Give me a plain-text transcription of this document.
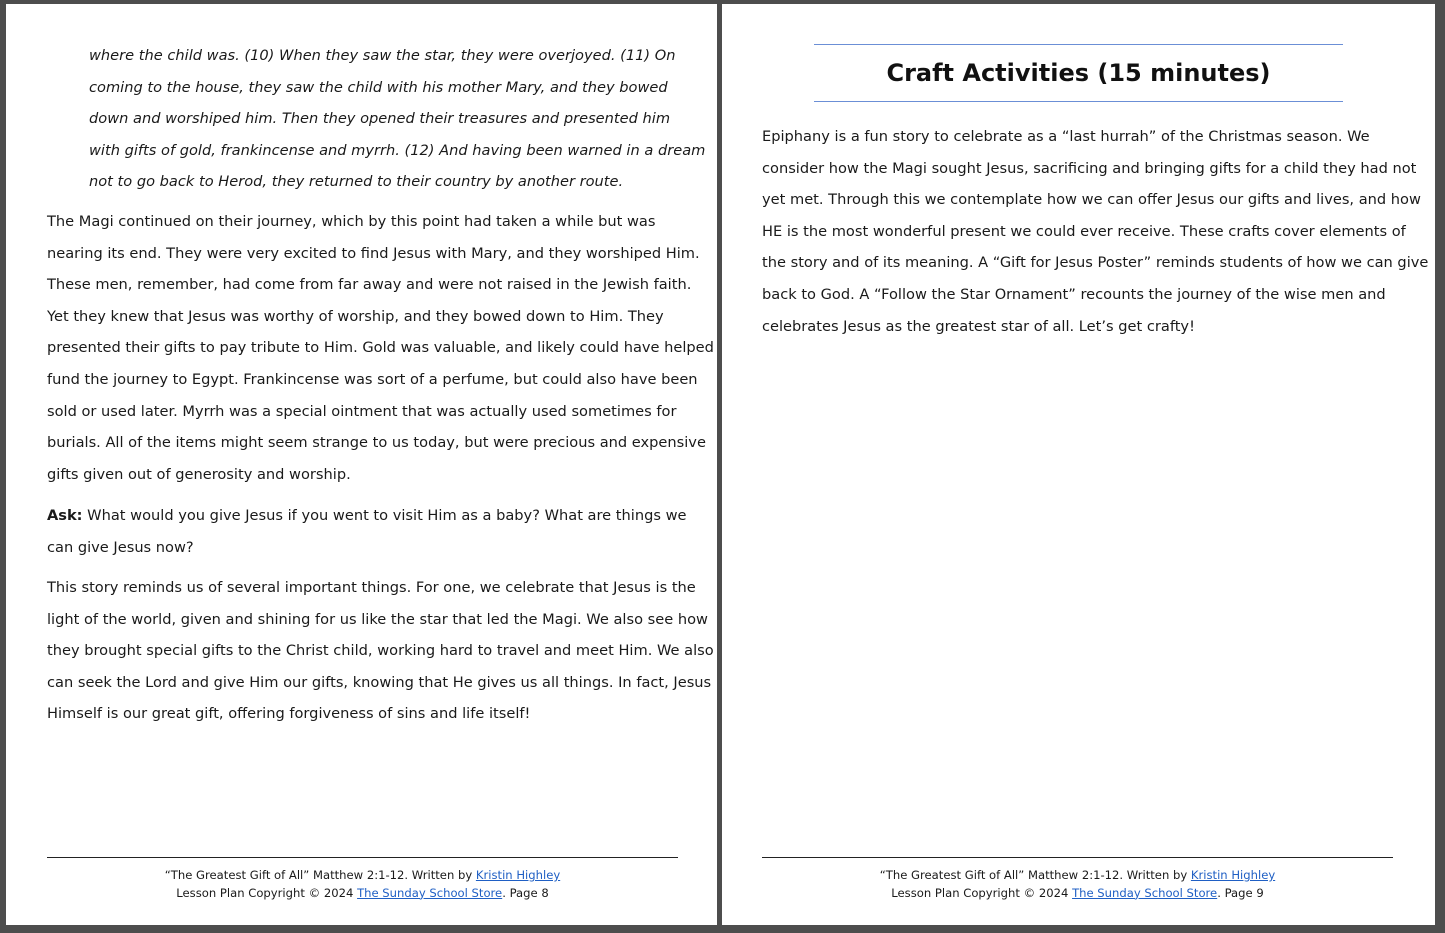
where the child was. (10) When they saw the star, they were overjoyed. (11) On

coming to the house, they saw the child with his mother Mary, and they bowed

down and worshiped him. Then they opened their treasures and presented him

with gifts of gold, frankincense and myrrh. (12) And having been warned in a dream

not to go back to Herod, they returned to their country by another route.

The Magi continued on their journey, which by this point had taken a while but was

nearing its end. They were very excited to find Jesus with Mary, and they worshiped Him.

These men, remember, had come from far away and were not raised in the Jewish faith.

Yet they knew that Jesus was worthy of worship, and they bowed down to Him. They

presented their gifts to pay tribute to Him. Gold was valuable, and likely could have helped

fund the journey to Egypt. Frankincense was sort of a perfume, but could also have been

sold or used later. Myrrh was a special ointment that was actually used sometimes for

burials. All of the items might seem strange to us today, but were precious and expensive

gifts given out of generosity and worship.

Ask: What would you give Jesus if you went to visit Him as a baby? What are things we

can give Jesus now?

This story reminds us of several important things. For one, we celebrate that Jesus is the

light of the world, given and shining for us like the star that led the Magi. We also see how

they brought special gifts to the Christ child, working hard to travel and meet Him. We also

can seek the Lord and give Him our gifts, knowing that He gives us all things. In fact, Jesus

Himself is our great gift, offering forgiveness of sins and life itself!

“The Greatest Gift of All” Matthew 2:1-12. Written by Kristin Highley
Lesson Plan Copyright © 2024 The Sunday School Store. Page 8
Craft Activities (15 minutes)

Epiphany is a fun story to celebrate as a “last hurrah” of the Christmas season. We

consider how the Magi sought Jesus, sacrificing and bringing gifts for a child they had not

yet met. Through this we contemplate how we can offer Jesus our gifts and lives, and how

HE is the most wonderful present we could ever receive. These crafts cover elements of

the story and of its meaning. A “Gift for Jesus Poster” reminds students of how we can give

back to God. A “Follow the Star Ornament” recounts the journey of the wise men and

celebrates Jesus as the greatest star of all. Let’s get crafty!

“The Greatest Gift of All” Matthew 2:1-12. Written by Kristin Highley
Lesson Plan Copyright © 2024 The Sunday School Store. Page 9
